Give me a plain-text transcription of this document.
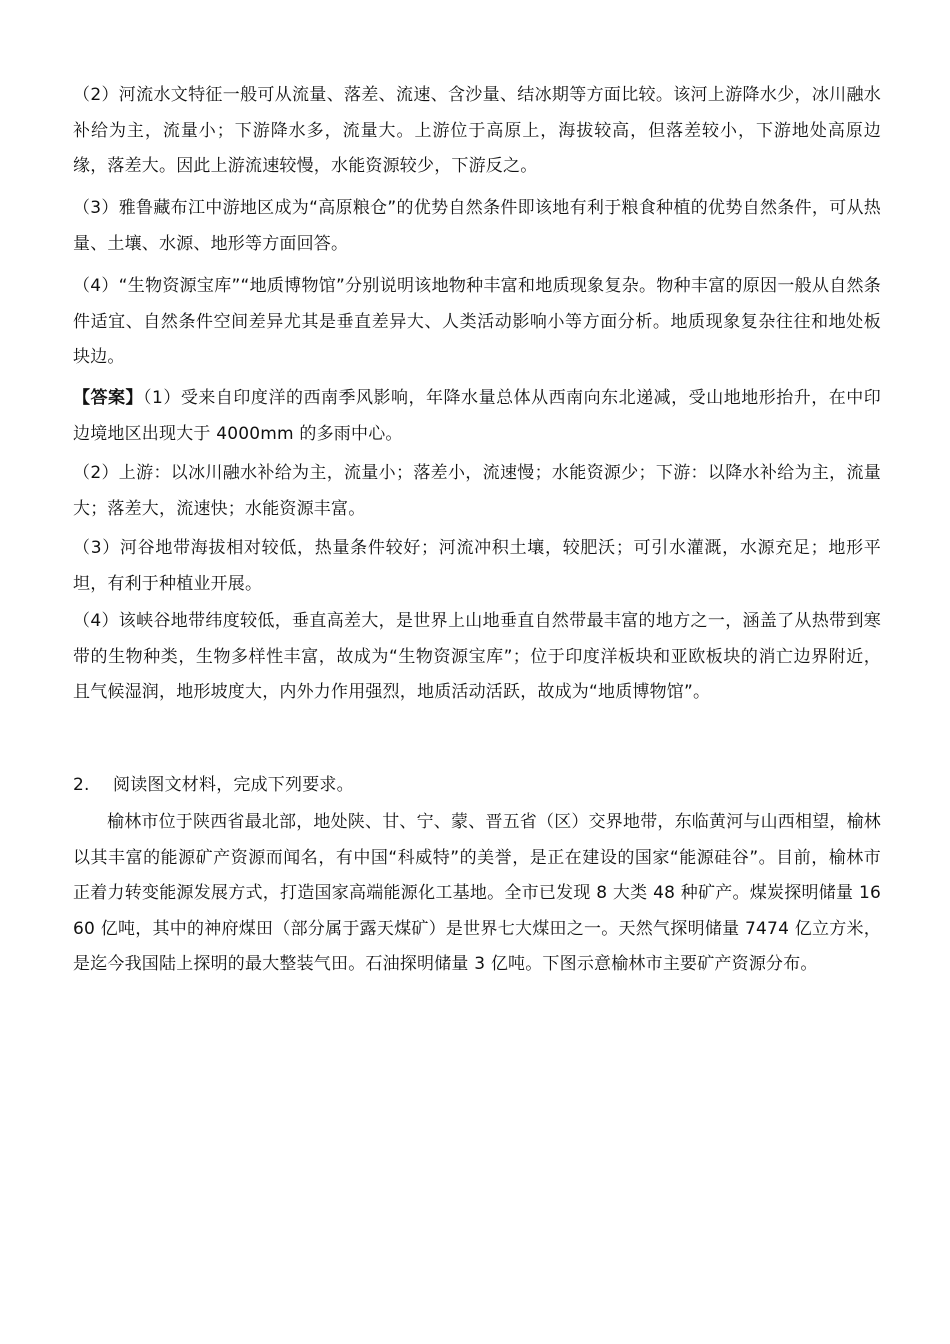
（2）河流水文特征一般可从流量、落差、流速、含沙量、结冰期等方面比较。该河上游降水少，冰川融水补给为主，流量小；下游降水多，流量大。上游位于高原上，海拔较高，但落差较小，下游地处高原边缘，落差大。因此上游流速较慢，水能资源较少，下游反之。
（3）雅鲁藏布江中游地区成为“高原粮仓”的优势自然条件即该地有利于粮食种植的优势自然条件，可从热量、土壤、水源、地形等方面回答。
（4）“生物资源宝库”“地质博物馆”分别说明该地物种丰富和地质现象复杂。物种丰富的原因一般从自然条件适宜、自然条件空间差异尤其是垂直差异大、人类活动影响小等方面分析。地质现象复杂往往和地处板块边。
【答案】（1）受来自印度洋的西南季风影响，年降水量总体从西南向东北递减，受山地地形抬升，在中印边境地区出现大于 4000mm 的多雨中心。
（2）上游：以冰川融水补给为主，流量小；落差小，流速慢；水能资源少；下游：以降水补给为主，流量大；落差大，流速快；水能资源丰富。
（3）河谷地带海拔相对较低，热量条件较好；河流冲积土壤，较肥沃；可引水灌溉，水源充足；地形平坦，有利于种植业开展。
（4）该峡谷地带纬度较低，垂直高差大，是世界上山地垂直自然带最丰富的地方之一，涵盖了从热带到寒带的生物种类，生物多样性丰富，故成为“生物资源宝库”；位于印度洋板块和亚欧板块的消亡边界附近，且气候湿润，地形坡度大，内外力作用强烈，地质活动活跃，故成为“地质博物馆”。
2. 阅读图文材料，完成下列要求。
榆林市位于陕西省最北部，地处陕、甘、宁、蒙、晋五省（区）交界地带，东临黄河与山西相望，榆林以其丰富的能源矿产资源而闻名，有中国“科威特”的美誉，是正在建设的国家“能源硅谷”。目前，榆林市正着力转变能源发展方式，打造国家高端能源化工基地。全市已发现 8 大类 48 种矿产。煤炭探明储量 1660 亿吨，其中的神府煤田（部分属于露天煤矿）是世界七大煤田之一。天然气探明储量 7474 亿立方米，是迄今我国陆上探明的最大整装气田。石油探明储量 3 亿吨。下图示意榆林市主要矿产资源分布。
